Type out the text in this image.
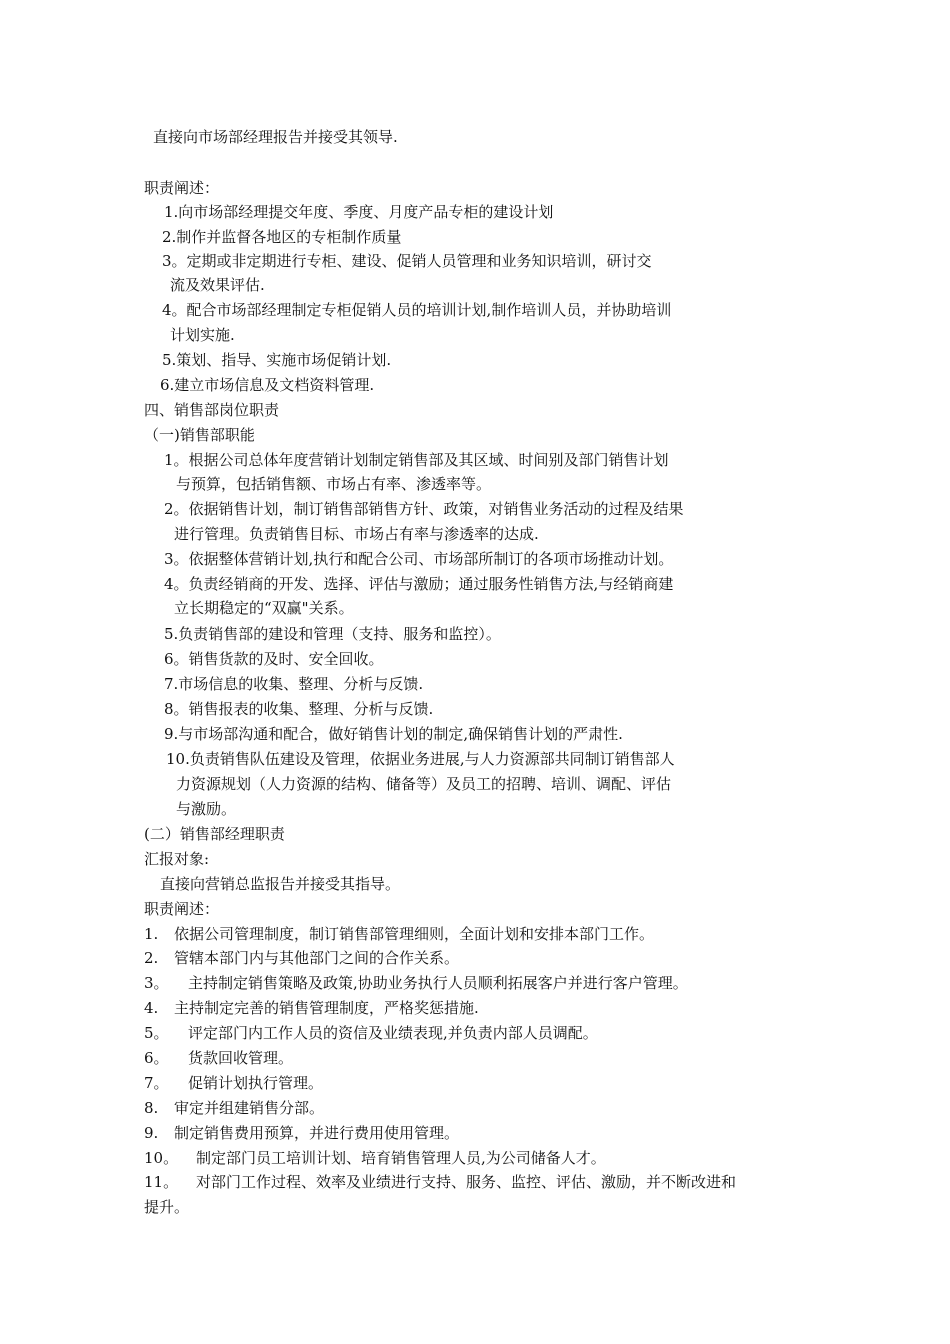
直接向市场部经理报告并接受其领导.
职责阐述：
1.向市场部经理提交年度、季度、月度产品专柜的建设计划
2.制作并监督各地区的专柜制作质量
3。定期或非定期进行专柜、建设、促销人员管理和业务知识培训，研讨交
流及效果评估.
4。配合市场部经理制定专柜促销人员的培训计划,制作培训人员，并协助培训
计划实施.
5.策划、指导、实施市场促销计划.
6.建立市场信息及文档资料管理.
四、销售部岗位职责
（一)销售部职能
1。根据公司总体年度营销计划制定销售部及其区域、时间别及部门销售计划
与预算，包括销售额、市场占有率、渗透率等。
2。依据销售计划，制订销售部销售方针、政策，对销售业务活动的过程及结果
进行管理。负责销售目标、市场占有率与渗透率的达成.
3。依据整体营销计划,执行和配合公司、市场部所制订的各项市场推动计划。
4。负责经销商的开发、选择、评估与激励；通过服务性销售方法,与经销商建
立长期稳定的“双赢"关系。
5.负责销售部的建设和管理（支持、服务和监控）。
6。销售货款的及时、安全回收。
7.市场信息的收集、整理、分析与反馈.
8。销售报表的收集、整理、分析与反馈.
9.与市场部沟通和配合，做好销售计划的制定,确保销售计划的严肃性.
10.负责销售队伍建设及管理，依据业务进展,与人力资源部共同制订销售部人
力资源规划（人力资源的结构、储备等）及员工的招聘、培训、调配、评估
与激励。
(二）销售部经理职责
汇报对象:
直接向营销总监报告并接受其指导。
职责阐述：
1. 依据公司管理制度，制订销售部管理细则，全面计划和安排本部门工作。
2. 管辖本部门内与其他部门之间的合作关系。
3。 主持制定销售策略及政策,协助业务执行人员顺利拓展客户并进行客户管理。
4. 主持制定完善的销售管理制度，严格奖惩措施.
5。 评定部门内工作人员的资信及业绩表现,并负责内部人员调配。
6。 货款回收管理。
7。 促销计划执行管理。
8. 审定并组建销售分部。
9. 制定销售费用预算，并进行费用使用管理。
10。 制定部门员工培训计划、培育销售管理人员,为公司储备人才。
11。 对部门工作过程、效率及业绩进行支持、服务、监控、评估、激励，并不断改进和
提升。
